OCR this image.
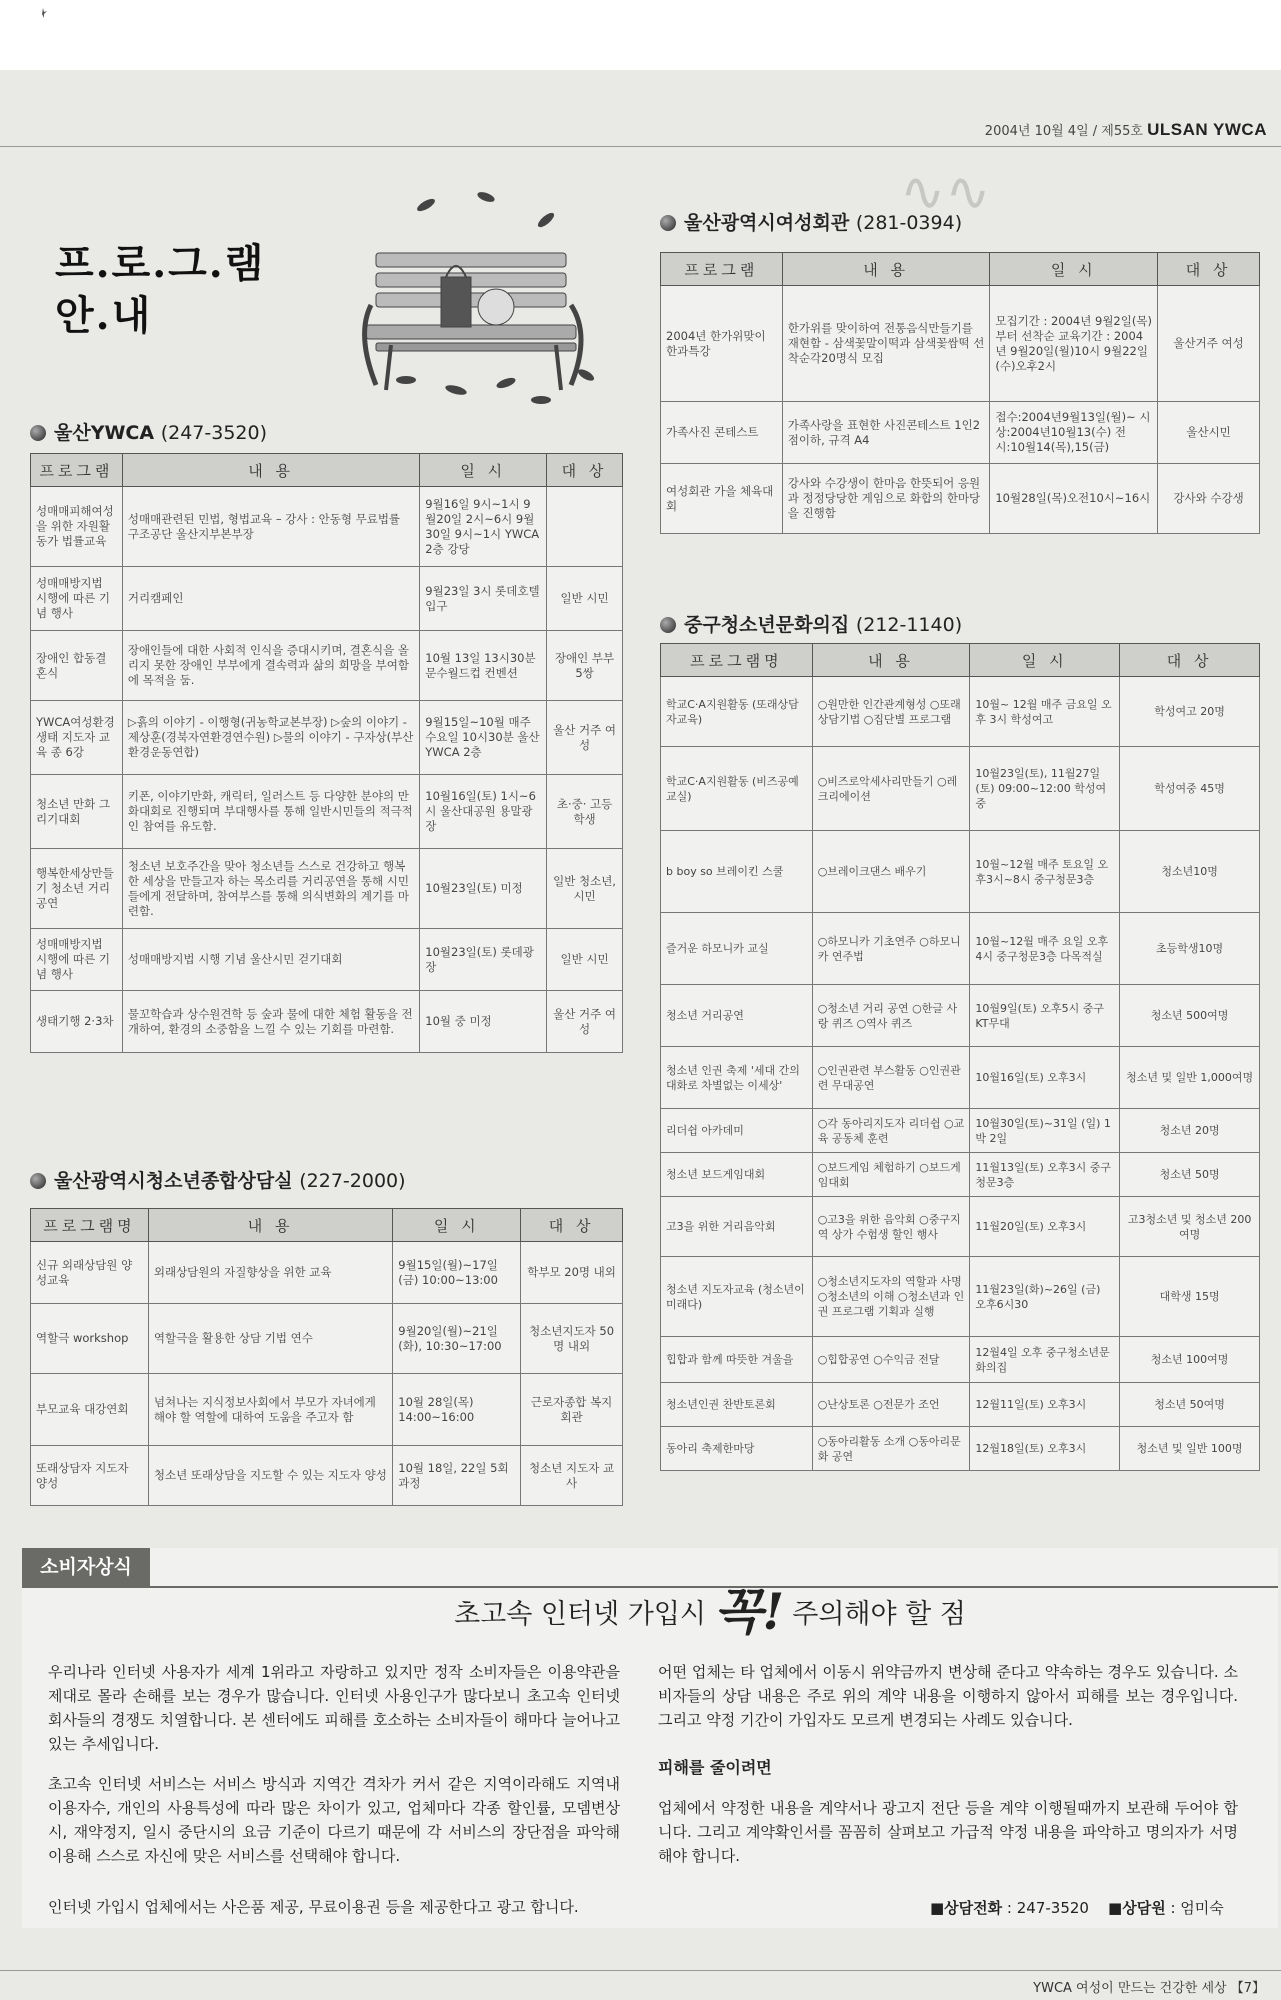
2004년 10월 4일 / 제55호 ULSAN YWCA
∿∿
프.로.그.램
안.내
울산YWCA (247-3520)
프로그램	내 용	일 시	대 상
성매매피해여성을 위한 자원활동가 법률교육	성매매관련된 민법, 형법교육 – 강사 : 안동형 무료법률 구조공단 울산지부본부장	9월16일 9시~1시 9월20일 2시~6시 9월30일 9시~1시 YWCA 2층 강당	
성매매방지법 시행에 따른 기념 행사	거리캠페인	9월23일 3시 롯데호텔 입구	일반 시민
장애인 합동결혼식	장애인들에 대한 사회적 인식을 증대시키며, 결혼식을 올리지 못한 장애인 부부에게 결속력과 삶의 희망을 부여함에 목적을 둠.	10월 13일 13시30분 문수월드컵 컨벤션	장애인 부부 5쌍
YWCA여성환경생태 지도자 교육 종 6강	▷흙의 이야기 - 이행형(귀농학교본부장) ▷숲의 이야기 - 제상훈(경북자연환경연수원) ▷물의 이야기 - 구자상(부산환경운동연합)	9월15일~10월 매주 수요일 10시30분 울산YWCA 2층	울산 거주 여성
청소년 만화 그리기대회	키폰, 이야기만화, 캐릭터, 일러스트 등 다양한 분야의 만화대회로 진행되며 부대행사를 통해 일반시민들의 적극적인 참여를 유도함.	10월16일(토) 1시~6시 울산대공원 용말광장	초·중· 고등학생
행복한세상만들기 청소년 거리공연	청소년 보호주간을 맞아 청소년들 스스로 건강하고 행복한 세상을 만들고자 하는 목소리를 거리공연을 통해 시민들에게 전달하며, 참여부스를 통해 의식변화의 계기를 마련함.	10월23일(토) 미정	일반 청소년, 시민
성매매방지법 시행에 따른 기념 행사	성매매방지법 시행 기념 울산시민 걷기대회	10월23일(토) 롯데광장	일반 시민
생태기행 2·3차	물꼬학습과 상수원견학 등 숲과 물에 대한 체험 활동을 전개하여, 환경의 소중함을 느낄 수 있는 기회를 마련함.	10월 중 미정	울산 거주 여성
울산광역시청소년종합상담실 (227-2000)
프로그램명	내 용	일 시	대 상
신규 외래상담원 양성교육	외래상담원의 자질향상을 위한 교육	9월15일(월)~17일(금) 10:00~13:00	학부모 20명 내외
역할극 workshop	역할극을 활용한 상담 기법 연수	9월20일(월)~21일 (화), 10:30~17:00	청소년지도자 50명 내외
부모교육 대강연회	넘쳐나는 지식정보사회에서 부모가 자녀에게 해야 할 역할에 대하여 도움을 주고자 함	10월 28일(목) 14:00~16:00	근로자종합 복지회관
또래상담자 지도자 양성	청소년 또래상담을 지도할 수 있는 지도자 양성	10월 18일, 22일 5회과정	청소년 지도자 교사
울산광역시여성회관 (281-0394)
프로그램	내 용	일 시	대 상
2004년 한가위맞이 한과특강	한가위를 맞이하여 전통음식만들기를 재현함 - 삼색꽃말이떡과 삼색꽃쌈떡 선착순각20명식 모집	모집기간 : 2004년 9월2일(목)부터 선착순 교육기간 : 2004년 9월20일(월)10시 9월22일(수)오후2시	울산거주 여성
가족사진 콘테스트	가족사랑을 표현한 사진콘테스트 1인2점이하, 규격 A4	접수:2004년9월13일(월)~ 시상:2004년10월13(수) 전시:10월14(목),15(금)	울산시민
여성회관 가을 체육대회	강사와 수강생이 한마음 한뜻되어 응원과 정정당당한 게임으로 화합의 한마당을 진행함	10월28일(목)오전10시~16시	강사와 수강생
중구청소년문화의집 (212-1140)
프로그램명	내 용	일 시	대 상
학교C·A지원활동 (또래상담자교육)	○원만한 인간관계형성 ○또래상담기법 ○집단별 프로그램	10월~ 12월 매주 금요일 오후 3시 학성여고	학성여고 20명
학교C·A지원활동 (비즈공예교실)	○비즈로악세사리만들기 ○레크리에이션	10월23일(토), 11월27일(토) 09:00~12:00 학성여중	학성여중 45명
b boy so 브레이킨 스쿨	○브레이크댄스 배우기	10월~12월 매주 토요일 오후3시~8시 중구청문3층	청소년10명
즐거운 하모니카 교실	○하모니카 기초연주 ○하모니카 연주법	10월~12월 매주 요일 오후4시 중구청문3층 다목적실	초등학생10명
청소년 거리공연	○청소년 거리 공연 ○한글 사랑 퀴즈 ○역사 퀴즈	10월9일(토) 오후5시 중구 KT무대	청소년 500여명
청소년 인권 축제 '세대 간의 대화로 차별없는 이세상'	○인권관련 부스활동 ○인권관련 무대공연	10월16일(토) 오후3시	청소년 및 일반 1,000여명
리더쉽 아카데미	○각 동아리지도자 리더쉽 ○교육 공동체 훈련	10월30일(토)~31일 (일) 1박 2일	청소년 20명
청소년 보드게임대회	○보드게임 체험하기 ○보드게임대회	11월13일(토) 오후3시 중구청문3층	청소년 50명
고3을 위한 거리음악회	○고3을 위한 음악회 ○중구지역 상가 수험생 할인 행사	11월20일(토) 오후3시	고3청소년 및 청소년 200여명
청소년 지도자교육 (청소년이 미래다)	○청소년지도자의 역할과 사명 ○청소년의 이해 ○청소년과 인권 프로그램 기획과 실행	11월23일(화)~26일 (금) 오후6시30	대학생 15명
힙합과 함께 따뜻한 겨울을	○힙합공연 ○수익금 전달	12월4일 오후 중구청소년문화의집	청소년 100여명
청소년인권 찬반토론회	○난상토론 ○전문가 조언	12월11일(토) 오후3시	청소년 50여명
동아리 축제한마당	○동아리활동 소개 ○동아리문화 공연	12월18일(토) 오후3시	청소년 및 일반 100명
소비자상식
초고속 인터넷 가입시 꼭! 주의해야 할 점
우리나라 인터넷 사용자가 세계 1위라고 자랑하고 있지만 정작 소비자들은 이용약관을 제대로 몰라 손해를 보는 경우가 많습니다. 인터넷 사용인구가 많다보니 초고속 인터넷 회사들의 경쟁도 치열합니다. 본 센터에도 피해를 호소하는 소비자들이 해마다 늘어나고 있는 추세입니다.
초고속 인터넷 서비스는 서비스 방식과 지역간 격차가 커서 같은 지역이라해도 지역내 이용자수, 개인의 사용특성에 따라 많은 차이가 있고, 업체마다 각종 할인률, 모뎀변상시, 재약정지, 일시 중단시의 요금 기준이 다르기 때문에 각 서비스의 장단점을 파악해 이용해 스스로 자신에 맞은 서비스를 선택해야 합니다.
인터넷 가입시 업체에서는 사은품 제공, 무료이용권 등을 제공한다고 광고 합니다.
어떤 업체는 타 업체에서 이동시 위약금까지 변상해 준다고 약속하는 경우도 있습니다. 소비자들의 상담 내용은 주로 위의 계약 내용을 이행하지 않아서 피해를 보는 경우입니다. 그리고 약정 기간이 가입자도 모르게 변경되는 사례도 있습니다.
피해를 줄이려면
업체에서 약정한 내용을 계약서나 광고지 전단 등을 계약 이행될때까지 보관해 두어야 합니다. 그리고 계약확인서를 꼼꼼히 살펴보고 가급적 약정 내용을 파악하고 명의자가 서명해야 합니다.
■상담전화 : 247-3520 ■상담원 : 엄미숙
YWCA 여성이 만드는 건강한 세상 【7】
